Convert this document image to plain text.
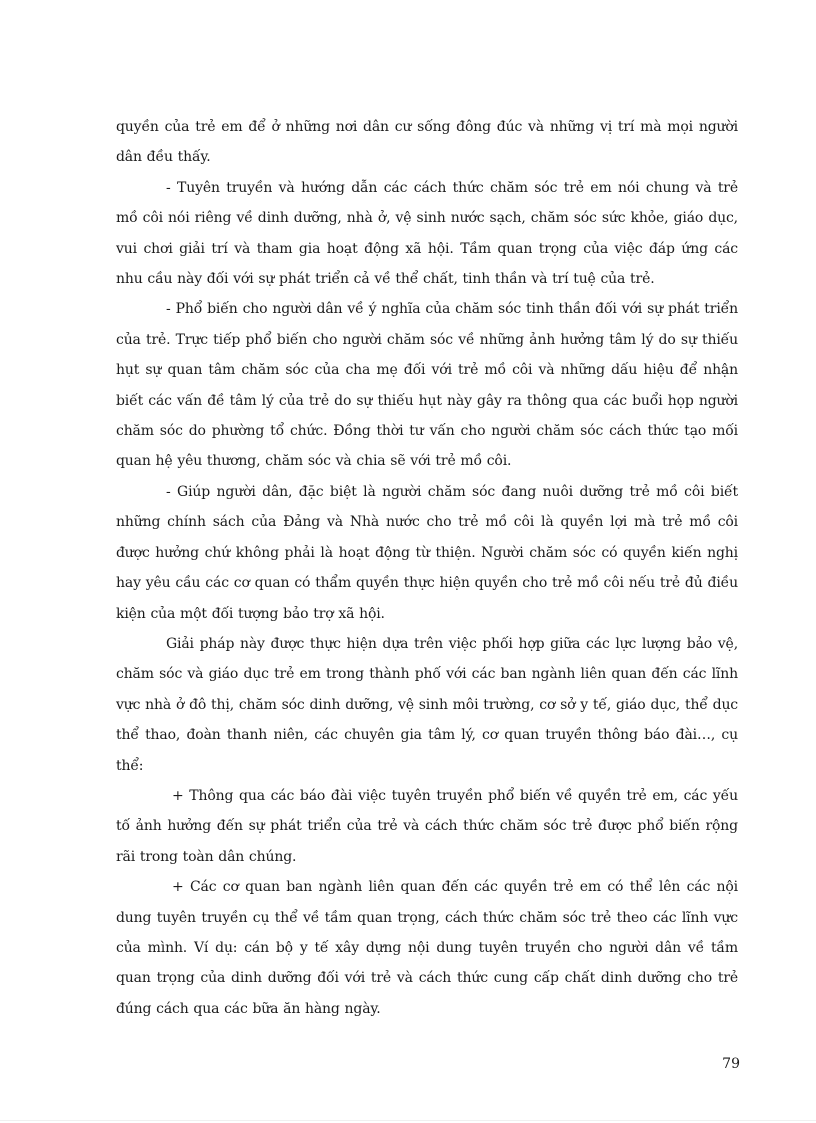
quyền của trẻ em để ở những nơi dân cư sống đông đúc và những vị trí mà mọi người dân đều thấy.

- Tuyên truyền và hướng dẫn các cách thức chăm sóc trẻ em nói chung và trẻ mồ côi nói riêng về dinh dưỡng, nhà ở, vệ sinh nước sạch, chăm sóc sức khỏe, giáo dục, vui chơi giải trí và tham gia hoạt động xã hội. Tầm quan trọng của việc đáp ứng các nhu cầu này đối với sự phát triển cả về thể chất, tinh thần và trí tuệ của trẻ.

- Phổ biến cho người dân về ý nghĩa của chăm sóc tinh thần đối với sự phát triển của trẻ. Trực tiếp phổ biến cho người chăm sóc về những ảnh hưởng tâm lý do sự thiếu hụt sự quan tâm chăm sóc của cha mẹ đối với trẻ mồ côi và những dấu hiệu để nhận biết các vấn đề tâm lý của trẻ do sự thiếu hụt này gây ra thông qua các buổi họp người chăm sóc do phường tổ chức. Đồng thời tư vấn cho người chăm sóc cách thức tạo mối quan hệ yêu thương, chăm sóc và chia sẽ với trẻ mồ côi.

- Giúp người dân, đặc biệt là người chăm sóc đang nuôi dưỡng trẻ mồ côi biết những chính sách của Đảng và Nhà nước cho trẻ mồ côi là quyền lợi mà trẻ mồ côi được hưởng chứ không phải là hoạt động từ thiện. Người chăm sóc có quyền kiến nghị hay yêu cầu các cơ quan có thẩm quyền thực hiện quyền cho trẻ mồ côi nếu trẻ đủ điều kiện của một đối tượng bảo trợ xã hội.

Giải pháp này được thực hiện dựa trên việc phối hợp giữa các lực lượng bảo vệ, chăm sóc và giáo dục trẻ em trong thành phố với các ban ngành liên quan đến các lĩnh vực nhà ở đô thị, chăm sóc dinh dưỡng, vệ sinh môi trường, cơ sở y tế, giáo dục, thể dục thể thao, đoàn thanh niên, các chuyên gia tâm lý, cơ quan truyền thông báo đài…, cụ thể:

+ Thông qua các báo đài việc tuyên truyền phổ biến về quyền trẻ em, các yếu tố ảnh hưởng đến sự phát triển của trẻ và cách thức chăm sóc trẻ được phổ biến rộng rãi trong toàn dân chúng.

+ Các cơ quan ban ngành liên quan đến các quyền trẻ em có thể lên các nội dung tuyên truyền cụ thể về tầm quan trọng, cách thức chăm sóc trẻ theo các lĩnh vực của mình. Ví dụ: cán bộ y tế xây dựng nội dung tuyên truyền cho người dân về tầm quan trọng của dinh dưỡng đối với trẻ và cách thức cung cấp chất dinh dưỡng cho trẻ đúng cách qua các bữa ăn hàng ngày.

79
